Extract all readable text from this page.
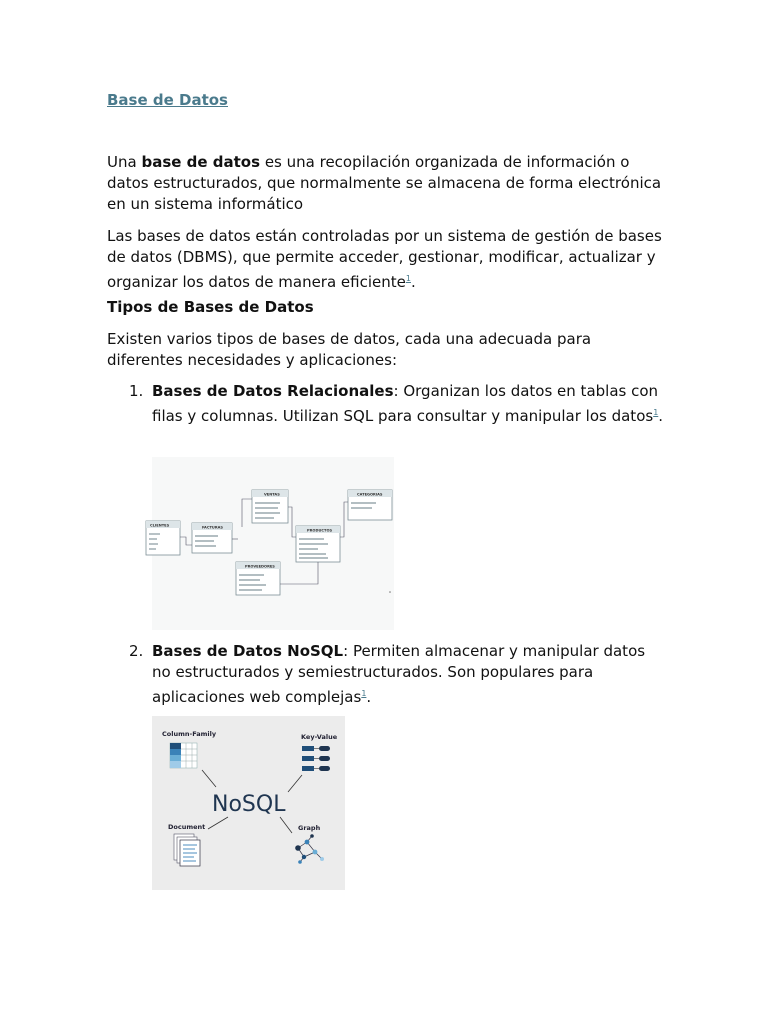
Base de Datos

Una base de datos es una recopilación organizada de información o datos estructurados, que normalmente se almacena de forma electrónica en un sistema informático

Las bases de datos están controladas por un sistema de gestión de bases de datos (DBMS), que permite acceder, gestionar, modificar, actualizar y organizar los datos de manera eficiente$^1$.

Tipos de Bases de Datos

Existen varios tipos de bases de datos, cada una adecuada para diferentes necesidades y aplicaciones:

1. Bases de Datos Relacionales: Organizan los datos en tablas con filas y columnas. Utilizan SQL para consultar y manipular los datos$^1$.
2. Bases de Datos NoSQL: Permiten almacenar y manipular datos no estructurados y semiestructurados. Son populares para aplicaciones web complejas$^1$.
VENTAS	CATEGORIAS
FACTURAS
PRODUCTOS
PROVEEDORES
CLIENTES
Column-Family	Key-Value
NoSQL
Document	Graph
